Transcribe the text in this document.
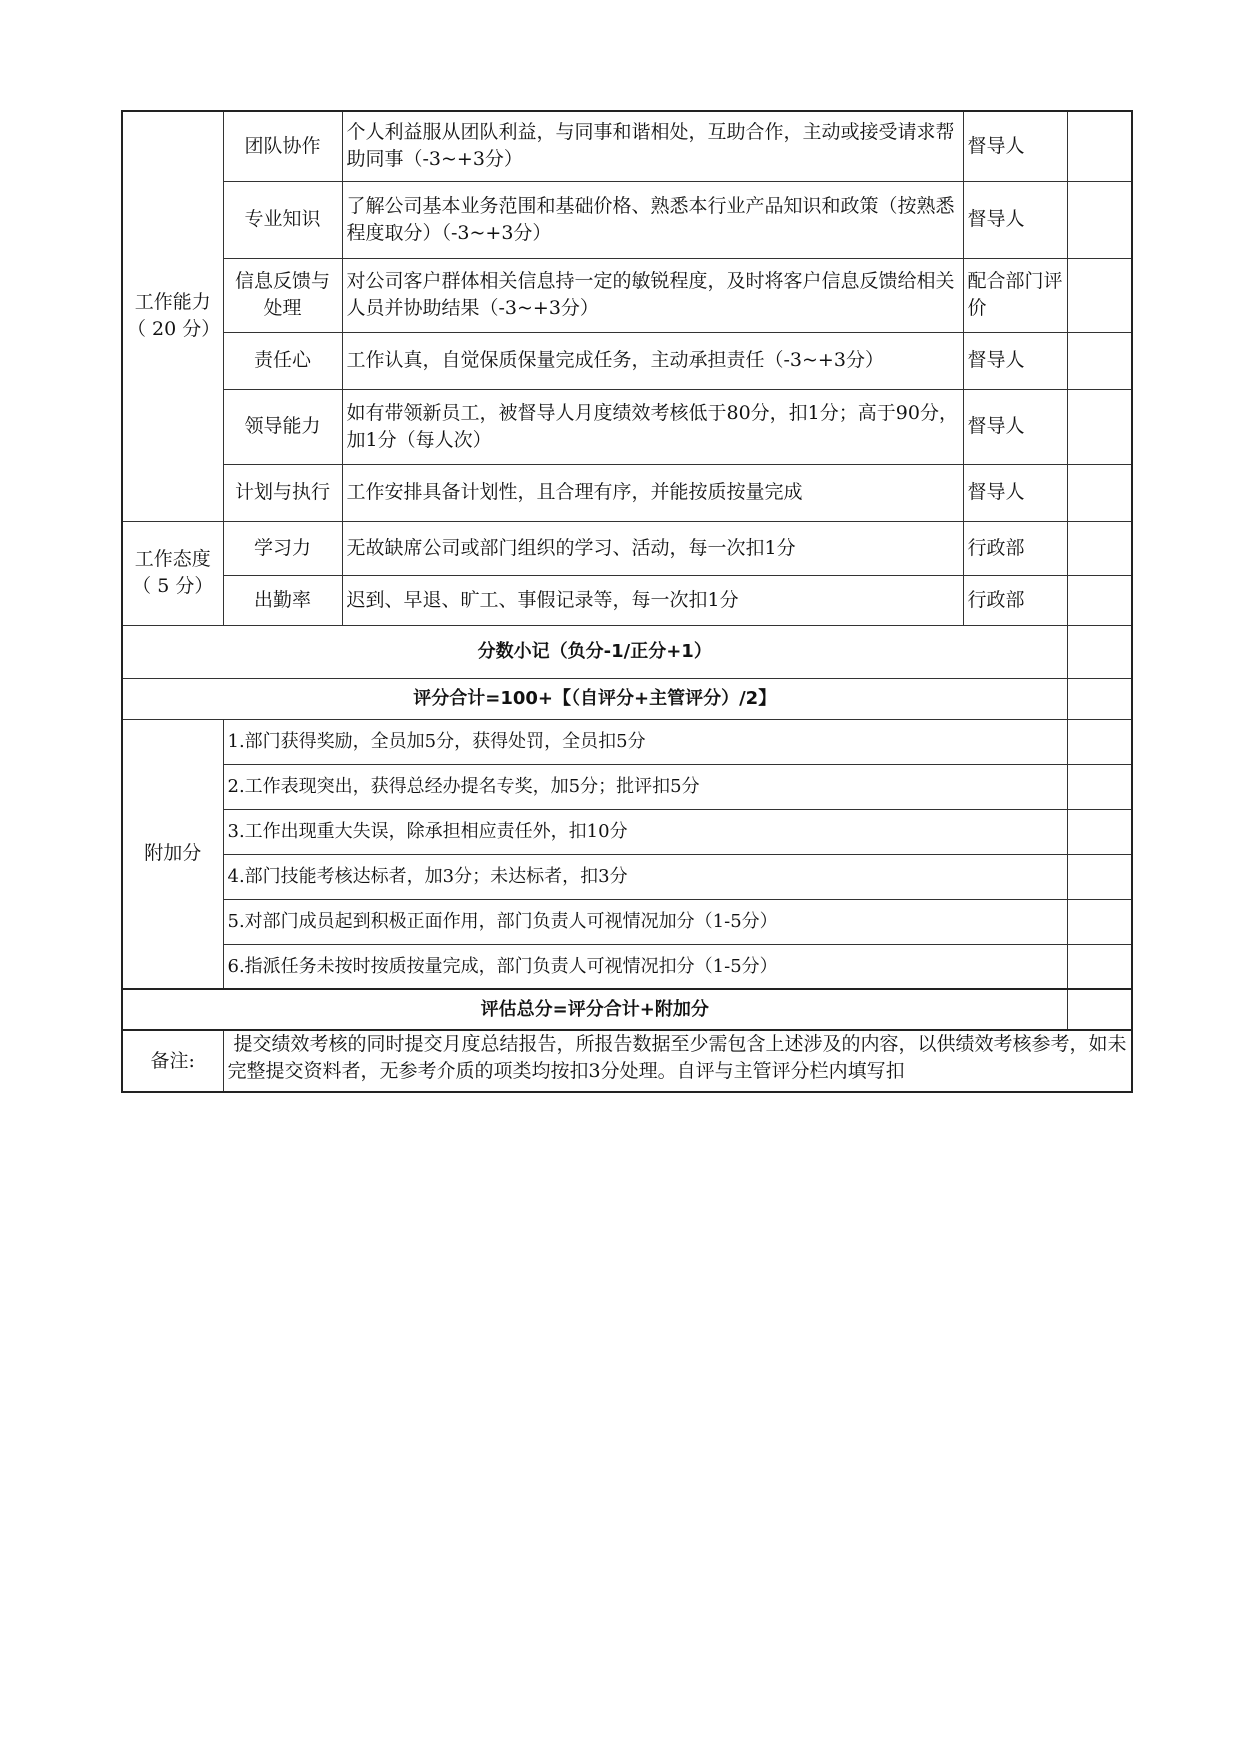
工作能力
（ 20 分）	团队协作	个人利益服从团队利益，与同事和谐相处，互助合作，主动或接受请求帮助同事（-3~+3分）	督导人	
	专业知识	了解公司基本业务范围和基础价格、熟悉本行业产品知识和政策（按熟悉程度取分）（-3~+3分）	督导人	
	信息反馈与处理	对公司客户群体相关信息持一定的敏锐程度，及时将客户信息反馈给相关人员并协助结果（-3~+3分）	配合部门评价	
	责任心	工作认真，自觉保质保量完成任务，主动承担责任（-3~+3分）	督导人	
	领导能力	如有带领新员工，被督导人月度绩效考核低于80分，扣1分；高于90分，加1分（每人次）	督导人	
	计划与执行	工作安排具备计划性，且合理有序，并能按质按量完成	督导人	

工作态度
（ 5 分）	学习力	无故缺席公司或部门组织的学习、活动，每一次扣1分	行政部	
	出勤率	迟到、早退、旷工、事假记录等，每一次扣1分	行政部	
分数小记（负分-1/正分+1）				
评分合计=100+【（自评分+主管评分）/2】				
附加分	1.部门获得奖励，全员加5分，获得处罚，全员扣5分			
	2.工作表现突出，获得总经办提名专奖，加5分；批评扣5分			
	3.工作出现重大失误，除承担相应责任外，扣10分			
	4.部门技能考核达标者，加3分；未达标者，扣3分			
	5.对部门成员起到积极正面作用，部门负责人可视情况加分（1-5分）			
	6.指派任务未按时按质按量完成，部门负责人可视情况扣分（1-5分）			
评估总分=评分合计+附加分				
备注:	提交绩效考核的同时提交月度总结报告，所报告数据至少需包含上述涉及的内容，以供绩效考核参考，如未完整提交资料者，无参考介质的项类均按扣3分处理。自评与主管评分栏内填写扣			
